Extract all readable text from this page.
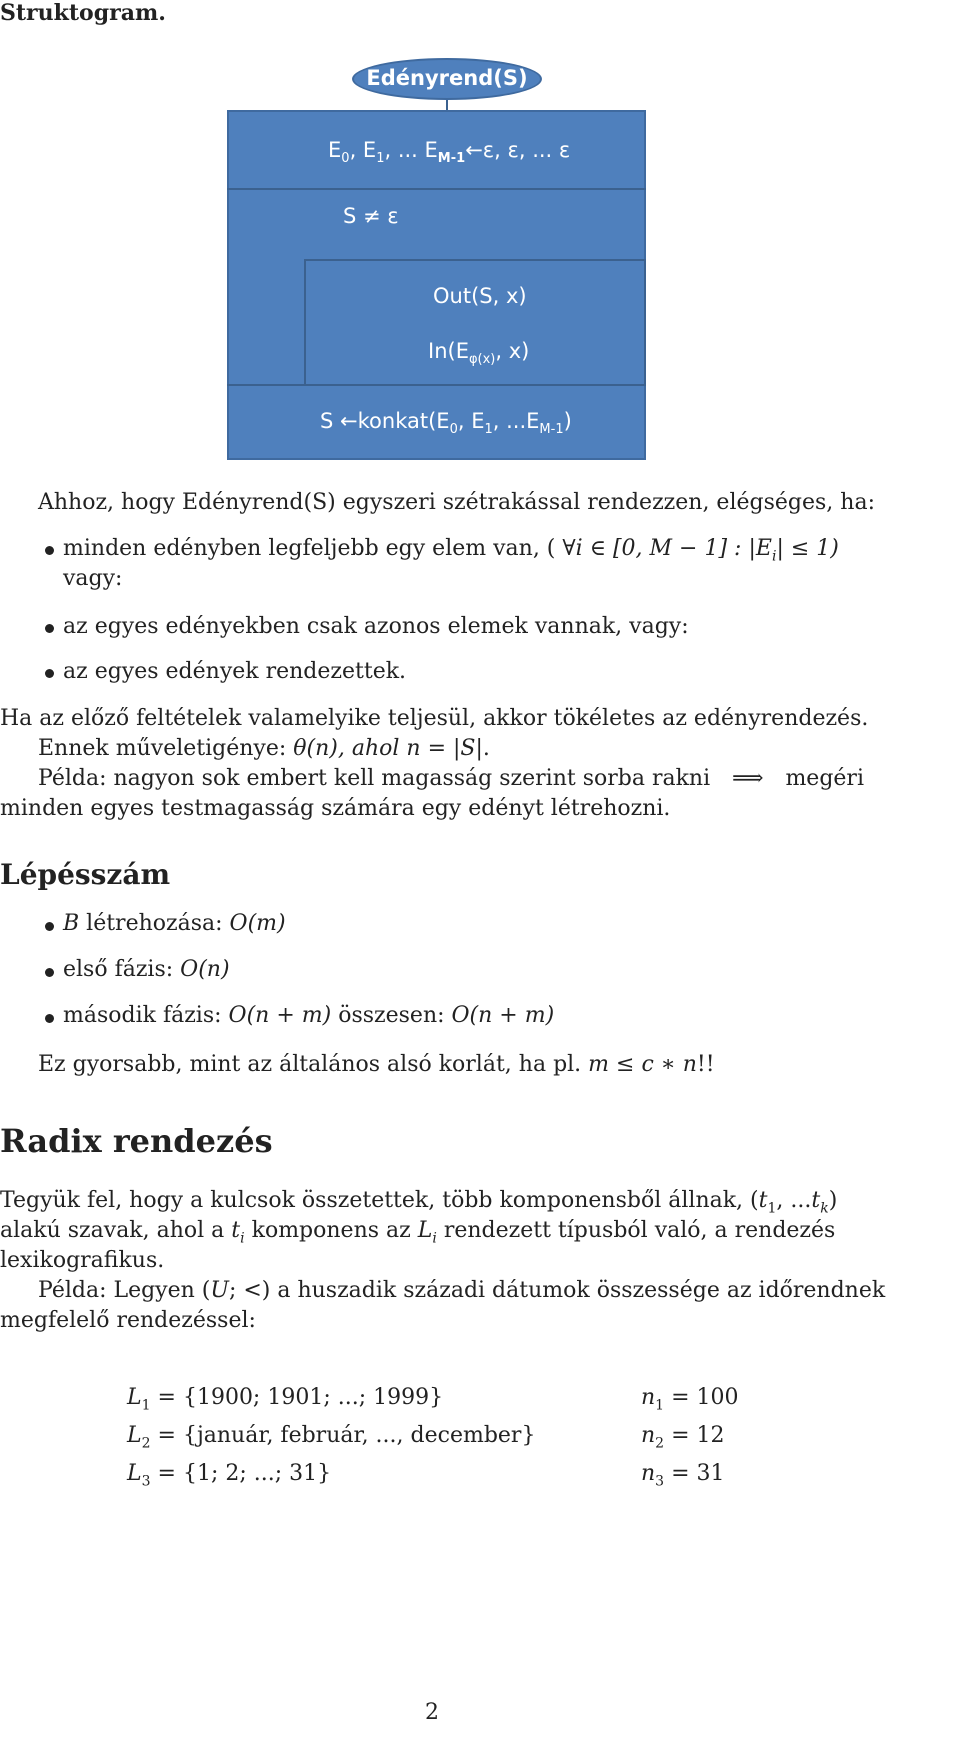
Struktogram.
Edényrend(S)
$E_0$, $E_1$, ... $E_{M-1}\leftarrow\varepsilon$, ε, ... ε
S ≠ ε
Out(S, x)
$In(E_{\varphi(x)}$, x)
S $\leftarrow konkat(E_0$, $E_1$, $...E_{M-1}$)
Ahhoz, hogy Edényrend(S) egyszeri szétrakással rendezzen, elégséges, ha:
minden edényben legfeljebb egy elem van, ( ∀i ∈ [0, M − 1] : $|E_i| \le 1$)
vagy:
az egyes edényekben csak azonos elemek vannak, vagy:
az egyes edények rendezettek.
Ha az előző feltételek valamelyike teljesül, akkor tökéletes az edényrendezés.
Ennek műveletigénye: θ(n), ahol n = |S|.
Példa: nagyon sok embert kell magasság szerint sorba rakni ⟹ megéri
minden egyes testmagasság számára egy edényt létrehozni.
Lépésszám
B létrehozása: O(m)
első fázis: O(n)
második fázis: O(n + m) összesen: O(n + m)
Ez gyorsabb, mint az általános alsó korlát, ha pl. m ≤ c ∗ n!!
Radix rendezés
Tegyük fel, hogy a kulcsok összetettek, több komponensből állnak, ($t_1$, $...t_k$)
alakú szavak, ahol a $t_i$ komponens az $L_i$ rendezett típusból való, a rendezés
lexikografikus.
Példa: Legyen (U; <) a huszadik századi dátumok összessége az időrendnek
megfelelő rendezéssel:
$L_1 = \{1900$; 1901; ...; 1999}	$n_1 = 100$
$L_2$ = {január, február, ..., december}	$n_2 = 12$
$L_3 = \{1$; 2; ...; 31}	$n_3 = 31$
2
